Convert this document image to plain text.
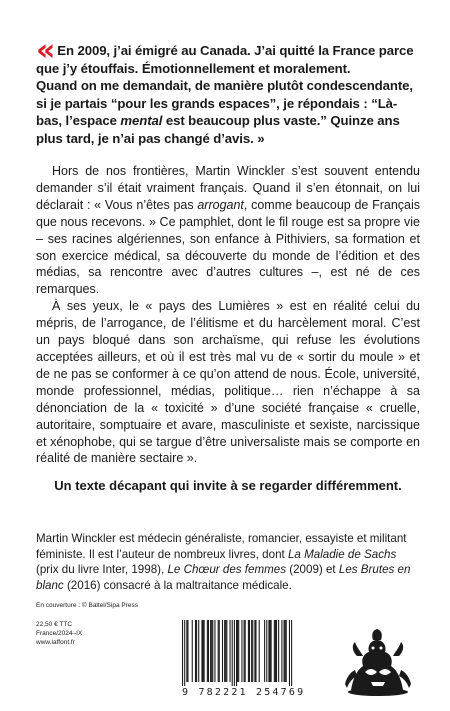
« En 2009, j’ai émigré au Canada. J’ai quitté la France parce que j’y étouffais. Émotionnellement et moralement.
Quand on me demandait, de manière plutôt condescendante, si je partais “pour les grands espaces”, je répondais : “Là-bas, l’espace mental est beaucoup plus vaste.” Quinze ans plus tard, je n’ai pas changé d’avis. »

Hors de nos frontières, Martin Winckler s’est souvent entendu demander s’il était vraiment français. Quand il s’en étonnait, on lui déclarait : « Vous n’êtes pas arrogant, comme beaucoup de Français que nous recevons. » Ce pamphlet, dont le fil rouge est sa propre vie – ses racines algériennes, son enfance à Pithiviers, sa formation et son exercice médical, sa découverte du monde de l’édition et des médias, sa rencontre avec d’autres cultures –, est né de ces remarques.

À ses yeux, le « pays des Lumières » est en réalité celui du mépris, de l’arrogance, de l’élitisme et du harcèlement moral. C’est un pays bloqué dans son archaïsme, qui refuse les évolutions acceptées ailleurs, et où il est très mal vu de « sortir du moule » et de ne pas se conformer à ce qu’on attend de nous. École, université, monde professionnel, médias, politique… rien n’échappe à sa dénonciation de la « toxicité » d’une société française « cruelle, autoritaire, somptuaire et avare, masculiniste et sexiste, narcissique et xénophobe, qui se targue d’être universaliste mais se comporte en réalité de manière sectaire ».

Un texte décapant qui invite à se regarder différemment.
Martin Winckler est médecin généraliste, romancier, essayiste et militant féministe. Il est l’auteur de nombreux livres, dont La Maladie de Sachs (prix du livre Inter, 1998), Le Chœur des femmes (2009) et Les Brutes en blanc (2016) consacré à la maltraitance médicale.
En couverture : © Baltel/Sipa Press
22,50 € TTC
France/2024–IX
www.laffont.fr
9 782221 254769
